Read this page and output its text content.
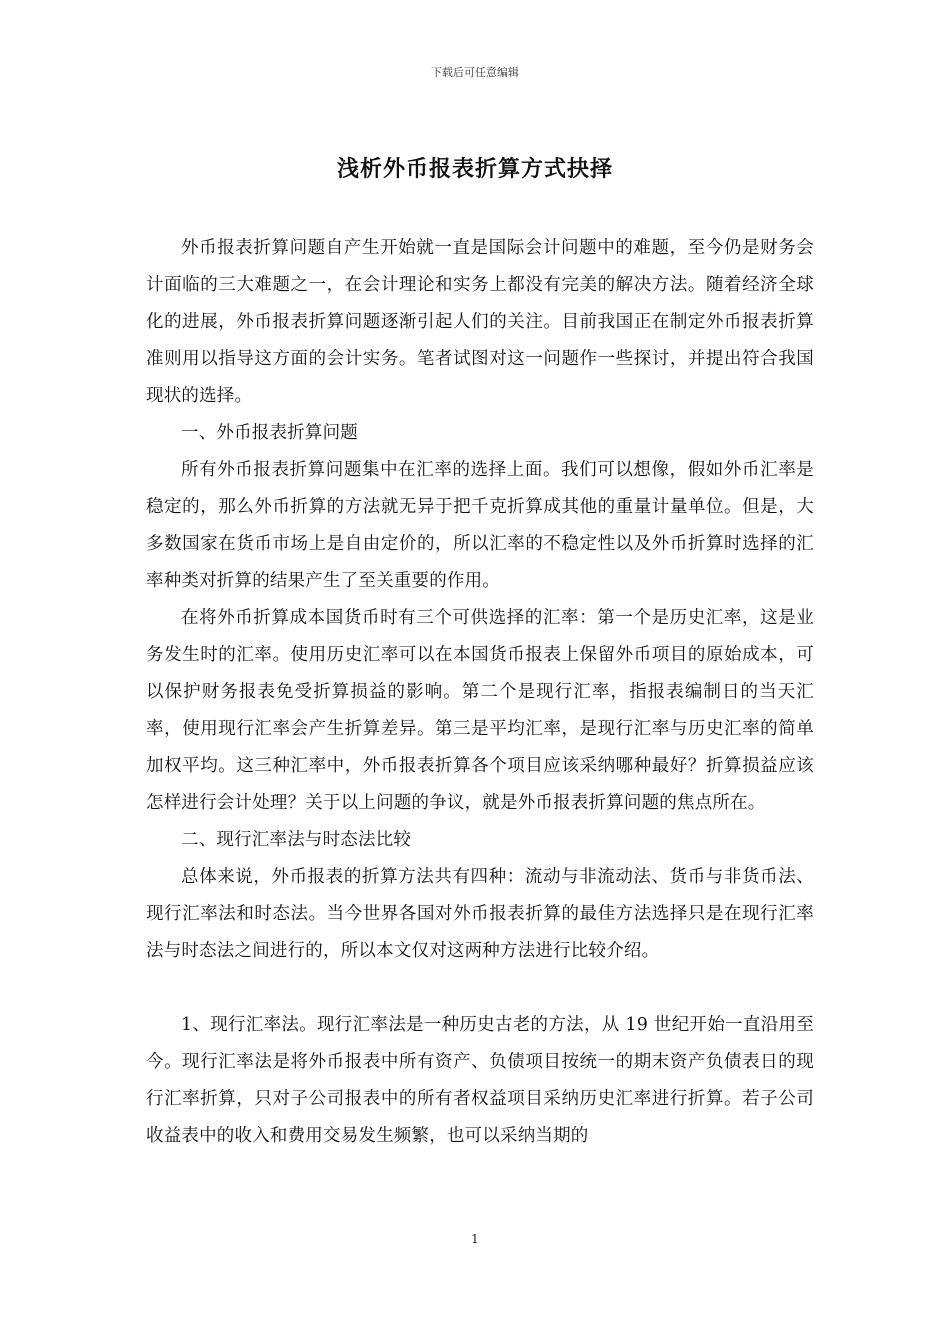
下载后可任意编辑
浅析外币报表折算方式抉择

外币报表折算问题自产生开始就一直是国际会计问题中的难题，至今仍是财务会计面临的三大难题之一，在会计理论和实务上都没有完美的解决方法。随着经济全球化的进展，外币报表折算问题逐渐引起人们的关注。目前我国正在制定外币报表折算准则用以指导这方面的会计实务。笔者试图对这一问题作一些探讨，并提出符合我国现状的选择。

一、外币报表折算问题

所有外币报表折算问题集中在汇率的选择上面。我们可以想像，假如外币汇率是稳定的，那么外币折算的方法就无异于把千克折算成其他的重量计量单位。但是，大多数国家在货币市场上是自由定价的，所以汇率的不稳定性以及外币折算时选择的汇率种类对折算的结果产生了至关重要的作用。

在将外币折算成本国货币时有三个可供选择的汇率：第一个是历史汇率，这是业务发生时的汇率。使用历史汇率可以在本国货币报表上保留外币项目的原始成本，可以保护财务报表免受折算损益的影响。第二个是现行汇率，指报表编制日的当天汇率，使用现行汇率会产生折算差异。第三是平均汇率，是现行汇率与历史汇率的简单加权平均。这三种汇率中，外币报表折算各个项目应该采纳哪种最好？折算损益应该怎样进行会计处理？关于以上问题的争议，就是外币报表折算问题的焦点所在。

二、现行汇率法与时态法比较

总体来说，外币报表的折算方法共有四种：流动与非流动法、货币与非货币法、现行汇率法和时态法。当今世界各国对外币报表折算的最佳方法选择只是在现行汇率法与时态法之间进行的，所以本文仅对这两种方法进行比较介绍。

1、现行汇率法。现行汇率法是一种历史古老的方法，从 19 世纪开始一直沿用至今。现行汇率法是将外币报表中所有资产、负债项目按统一的期末资产负债表日的现行汇率折算，只对子公司报表中的所有者权益项目采纳历史汇率进行折算。若子公司收益表中的收入和费用交易发生频繁，也可以采纳当期的

1
